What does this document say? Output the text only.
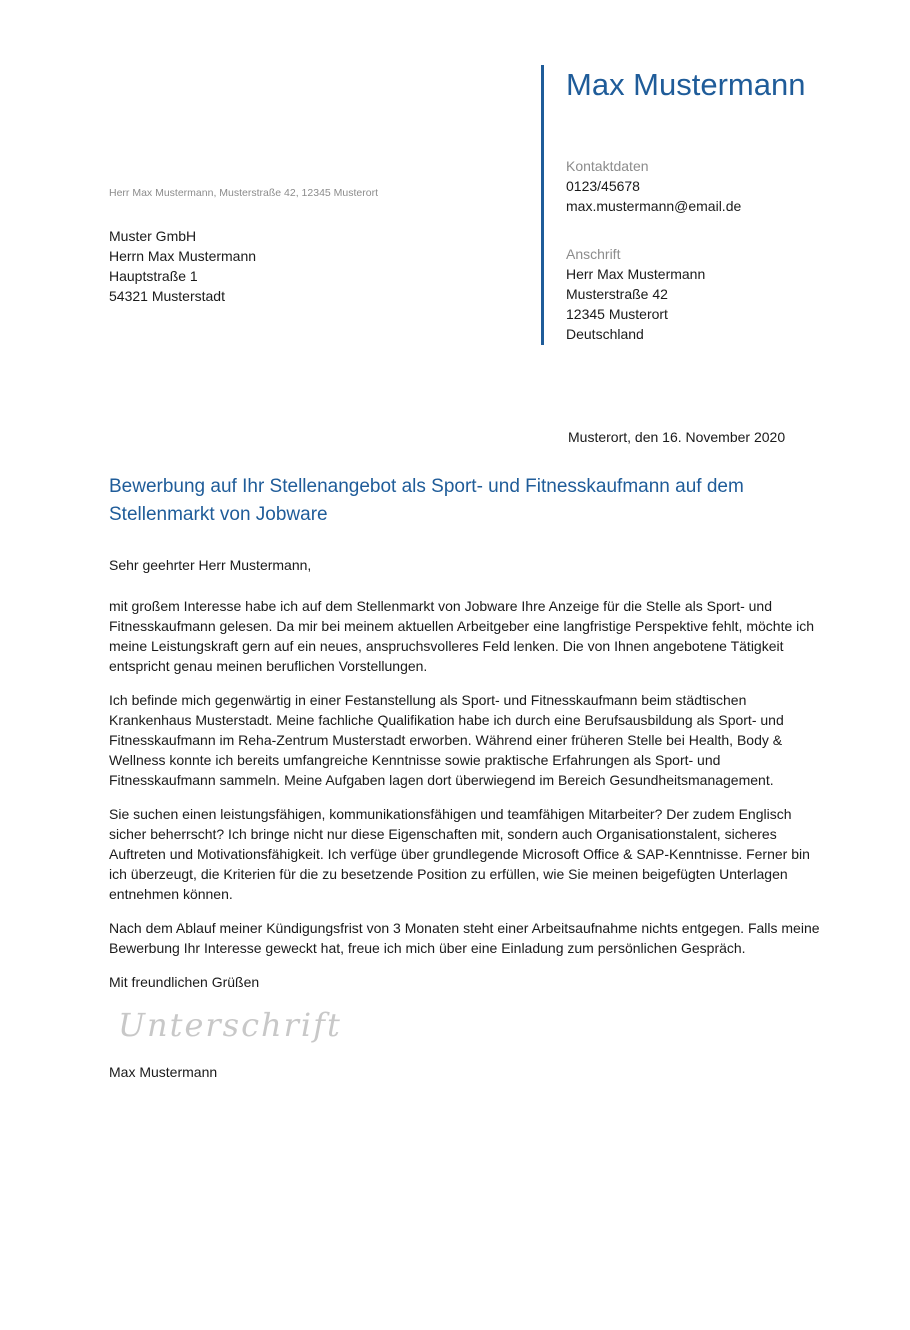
Max Mustermann
Kontaktdaten
0123/45678
max.mustermann@email.de
Anschrift
Herr Max Mustermann
Musterstraße 42
12345 Musterort
Deutschland
Herr Max Mustermann, Musterstraße 42, 12345 Musterort
Muster GmbH
Herrn Max Mustermann
Hauptstraße 1
54321 Musterstadt
Musterort, den 16. November 2020
Bewerbung auf Ihr Stellenangebot als Sport- und Fitnesskaufmann auf dem Stellenmarkt von Jobware

Sehr geehrter Herr Mustermann,

mit großem Interesse habe ich auf dem Stellenmarkt von Jobware Ihre Anzeige für die Stelle als Sport- und Fitnesskaufmann gelesen. Da mir bei meinem aktuellen Arbeitgeber eine langfristige Perspektive fehlt, möchte ich meine Leistungskraft gern auf ein neues, anspruchsvolleres Feld lenken. Die von Ihnen angebotene Tätigkeit entspricht genau meinen beruflichen Vorstellungen.

Ich befinde mich gegenwärtig in einer Festanstellung als Sport- und Fitnesskaufmann beim städtischen Krankenhaus Musterstadt. Meine fachliche Qualifikation habe ich durch eine Berufsausbildung als Sport- und Fitnesskaufmann im Reha-Zentrum Musterstadt erworben. Während einer früheren Stelle bei Health, Body & Wellness konnte ich bereits umfangreiche Kenntnisse sowie praktische Erfahrungen als Sport- und Fitnesskaufmann sammeln. Meine Aufgaben lagen dort überwiegend im Bereich Gesundheitsmanagement.

Sie suchen einen leistungsfähigen, kommunikationsfähigen und teamfähigen Mitarbeiter? Der zudem Englisch sicher beherrscht? Ich bringe nicht nur diese Eigenschaften mit, sondern auch Organisationstalent, sicheres Auftreten und Motivationsfähigkeit. Ich verfüge über grundlegende Microsoft Office & SAP-Kenntnisse. Ferner bin ich überzeugt, die Kriterien für die zu besetzende Position zu erfüllen, wie Sie meinen beigefügten Unterlagen entnehmen können.

Nach dem Ablauf meiner Kündigungsfrist von 3 Monaten steht einer Arbeitsaufnahme nichts entgegen. Falls meine Bewerbung Ihr Interesse geweckt hat, freue ich mich über eine Einladung zum persönlichen Gespräch.

Mit freundlichen Grüßen

Unterschrift
Max Mustermann
